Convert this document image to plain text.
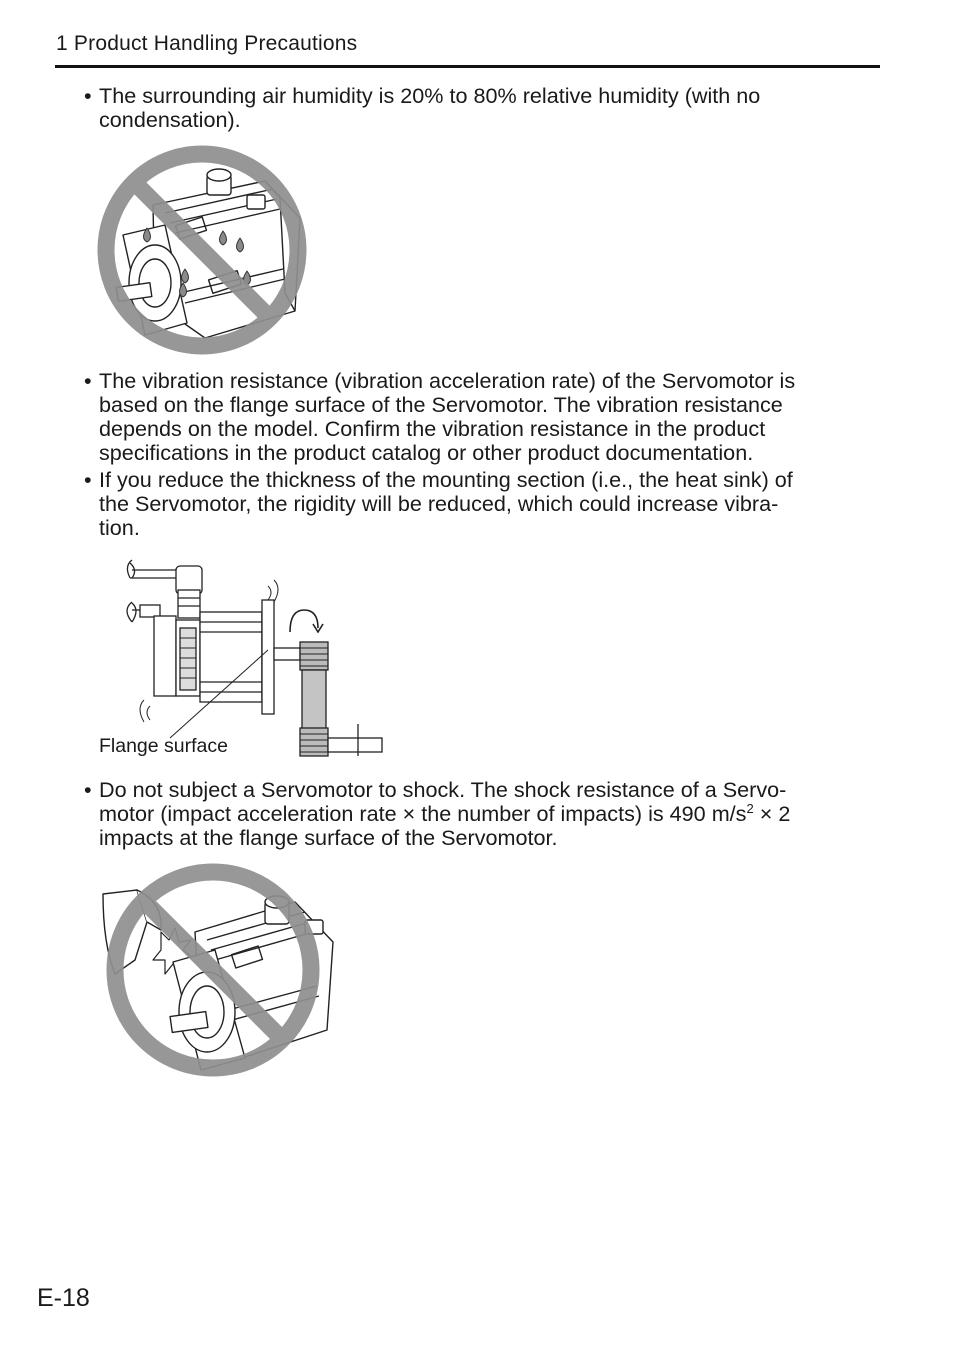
1 Product Handling Precautions
• The surrounding air humidity is 20% to 80% relative humidity (with no
condensation).
• The vibration resistance (vibration acceleration rate) of the Servomotor is
based on the flange surface of the Servomotor. The vibration resistance
depends on the model. Confirm the vibration resistance in the product
specifications in the product catalog or other product documentation.
• If you reduce the thickness of the mounting section (i.e., the heat sink) of
the Servomotor, the rigidity will be reduced, which could increase vibra-
tion.
Flange surface
• Do not subject a Servomotor to shock. The shock resistance of a Servo-
motor (impact acceleration rate × the number of impacts) is 490 $m/s^2 \times 2$
impacts at the flange surface of the Servomotor.
E-18
